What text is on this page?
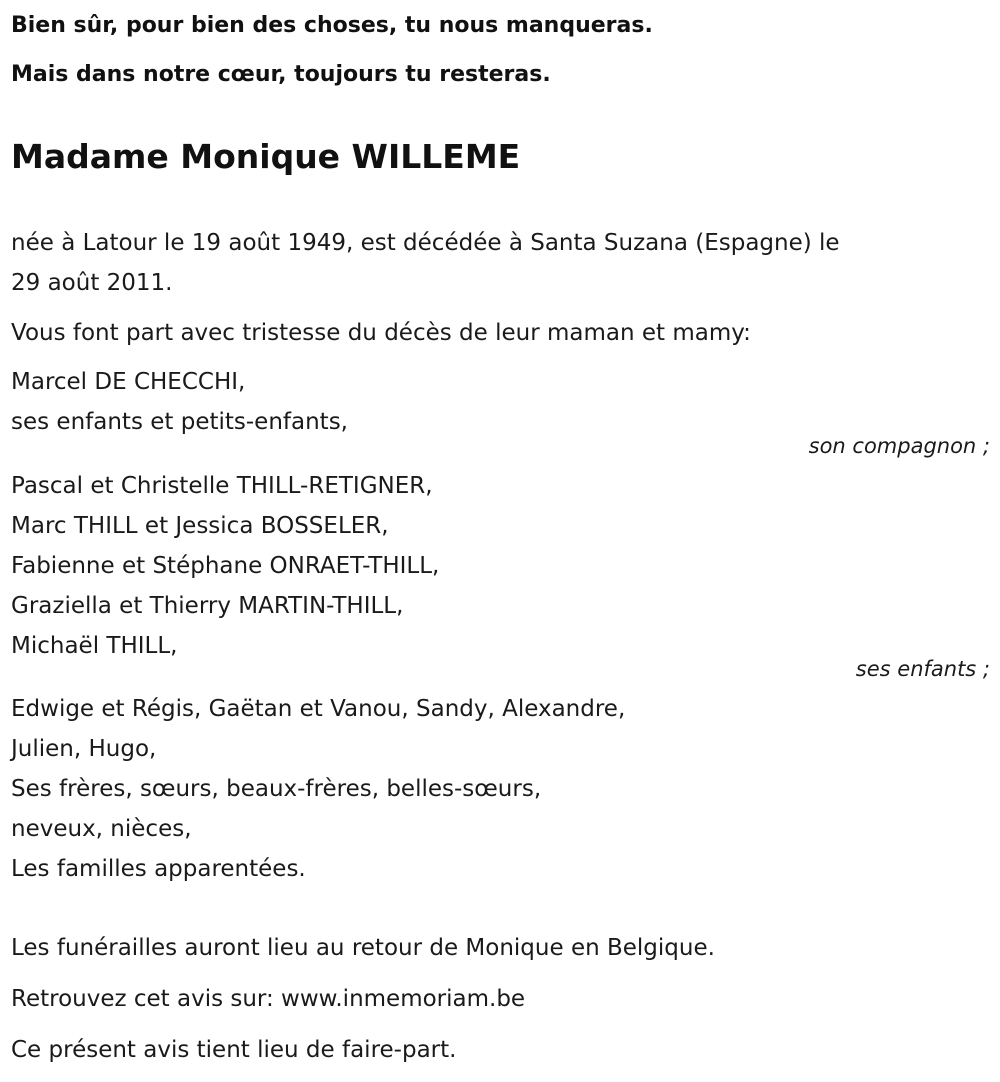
Bien sûr, pour bien des choses, tu nous manqueras.
Mais dans notre cœur, toujours tu resteras.
Madame Monique WILLEME
née à Latour le 19 août 1949, est décédée à Santa Suzana (Espagne) le
29 août 2011.
Vous font part avec tristesse du décès de leur maman et mamy:
Marcel DE CHECCHI,
ses enfants et petits-enfants,
son compagnon ;
Pascal et Christelle THILL-RETIGNER,
Marc THILL et Jessica BOSSELER,
Fabienne et Stéphane ONRAET-THILL,
Graziella et Thierry MARTIN-THILL,
Michaël THILL,
ses enfants ;
Edwige et Régis, Gaëtan et Vanou, Sandy, Alexandre,
Julien, Hugo,
Ses frères, sœurs, beaux-frères, belles-sœurs,
neveux, nièces,
Les familles apparentées.
Les funérailles auront lieu au retour de Monique en Belgique.
Retrouvez cet avis sur: www.inmemoriam.be
Ce présent avis tient lieu de faire-part.
